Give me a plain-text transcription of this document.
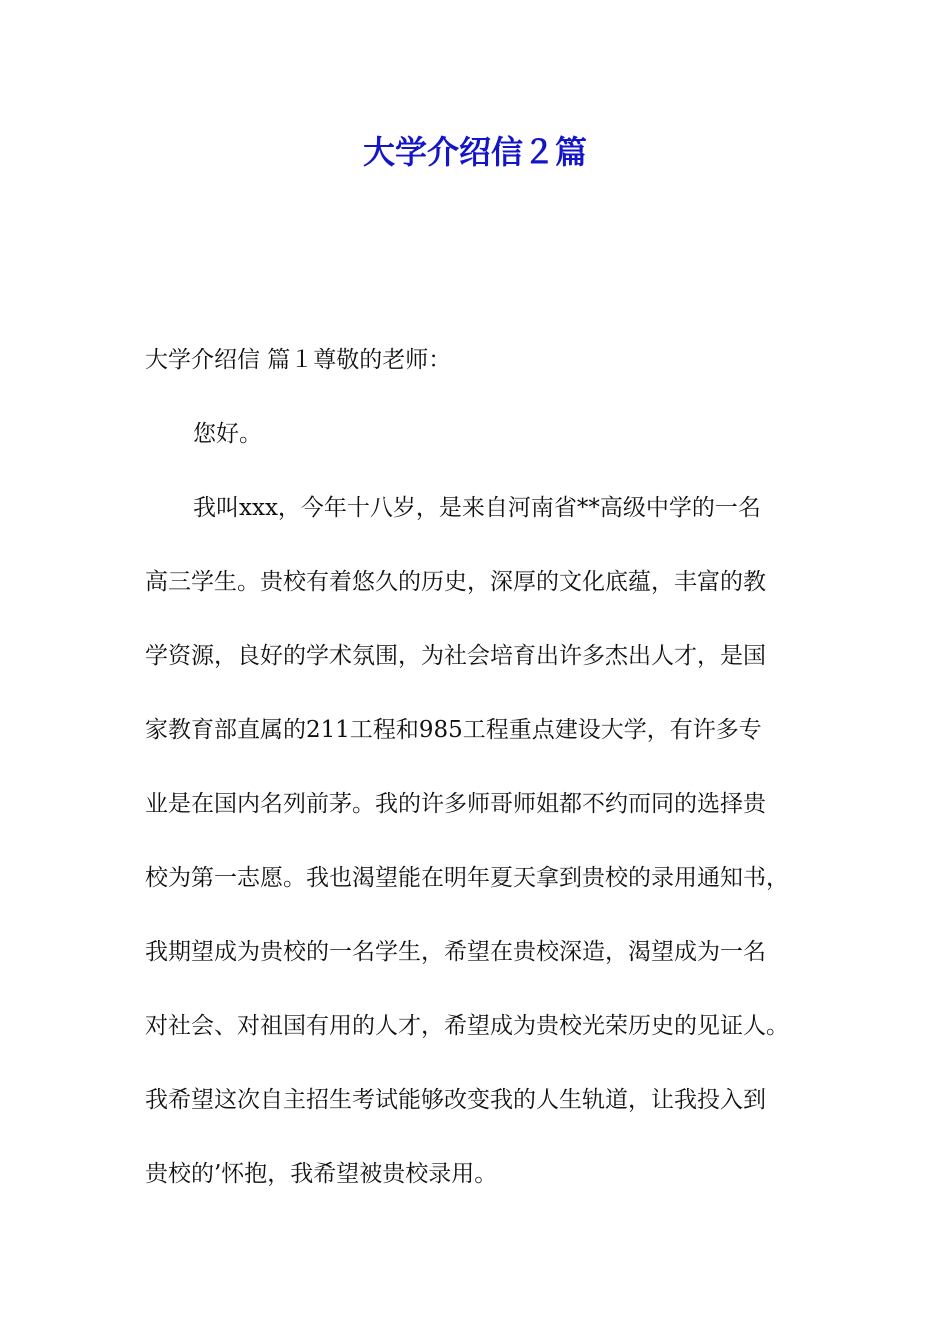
大学介绍信２篇

大学介绍信 篇１尊敬的老师：

您好。

我叫xxx，今年十八岁，是来自河南省**高级中学的一名

高三学生。贵校有着悠久的历史，深厚的文化底蕴，丰富的教

学资源，良好的学术氛围，为社会培育出许多杰出人才，是国

家教育部直属的211工程和985工程重点建设大学，有许多专

业是在国内名列前茅。我的许多师哥师姐都不约而同的选择贵

校为第一志愿。我也渴望能在明年夏天拿到贵校的录用通知书，

我期望成为贵校的一名学生，希望在贵校深造，渴望成为一名

对社会、对祖国有用的人才，希望成为贵校光荣历史的见证人。

我希望这次自主招生考试能够改变我的人生轨道，让我投入到

贵校的’怀抱，我希望被贵校录用。
